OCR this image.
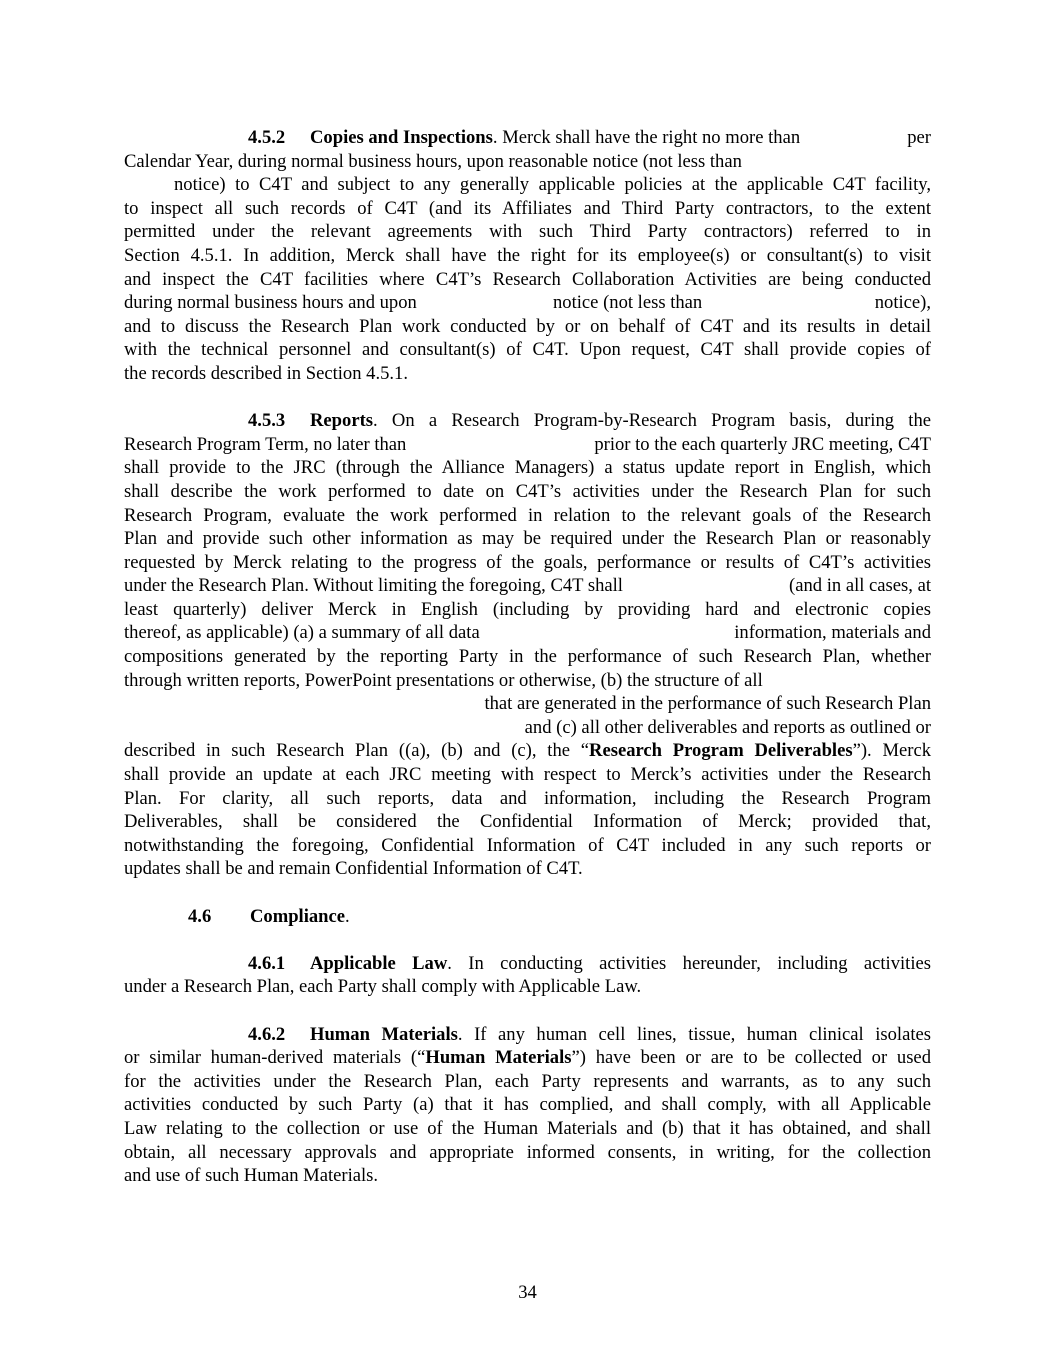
4.5.2 Copies and Inspections. Merck shall have the right no more than	per
Calendar Year, during normal business hours, upon reasonable notice (not less than
notice) to C4T and subject to any generally applicable policies at the applicable C4T facility,
to inspect all such records of C4T (and its Affiliates and Third Party contractors, to the extent
permitted under the relevant agreements with such Third Party contractors) referred to in
Section 4.5.1. In addition, Merck shall have the right for its employee(s) or consultant(s) to visit
and inspect the C4T facilities where C4T’s Research Collaboration Activities are being conducted
during normal business hours and upon	notice (not less than	notice),
and to discuss the Research Plan work conducted by or on behalf of C4T and its results in detail
with the technical personnel and consultant(s) of C4T. Upon request, C4T shall provide copies of
the records described in Section 4.5.1.
4.5.3 Reports. On a Research Program-by-Research Program basis, during the
Research Program Term, no later than	prior to the each quarterly JRC meeting, C4T
shall provide to the JRC (through the Alliance Managers) a status update report in English, which
shall describe the work performed to date on C4T’s activities under the Research Plan for such
Research Program, evaluate the work performed in relation to the relevant goals of the Research
Plan and provide such other information as may be required under the Research Plan or reasonably
requested by Merck relating to the progress of the goals, performance or results of C4T’s activities
under the Research Plan. Without limiting the foregoing, C4T shall	(and in all cases, at
least quarterly) deliver Merck in English (including by providing hard and electronic copies
thereof, as applicable) (a) a summary of all data	information, materials and
compositions generated by the reporting Party in the performance of such Research Plan, whether
through written reports, PowerPoint presentations or otherwise, (b) the structure of all
that are generated in the performance of such Research Plan
and (c) all other deliverables and reports as outlined or
described in such Research Plan ((a), (b) and (c), the “Research Program Deliverables”). Merck
shall provide an update at each JRC meeting with respect to Merck’s activities under the Research
Plan. For clarity, all such reports, data and information, including the Research Program
Deliverables, shall be considered the Confidential Information of Merck; provided that,
notwithstanding the foregoing, Confidential Information of C4T included in any such reports or
updates shall be and remain Confidential Information of C4T.
4.6 Compliance.
4.6.1 Applicable Law. In conducting activities hereunder, including activities
under a Research Plan, each Party shall comply with Applicable Law.
4.6.2 Human Materials. If any human cell lines, tissue, human clinical isolates
or similar human-derived materials (“Human Materials”) have been or are to be collected or used
for the activities under the Research Plan, each Party represents and warrants, as to any such
activities conducted by such Party (a) that it has complied, and shall comply, with all Applicable
Law relating to the collection or use of the Human Materials and (b) that it has obtained, and shall
obtain, all necessary approvals and appropriate informed consents, in writing, for the collection
and use of such Human Materials.
34
